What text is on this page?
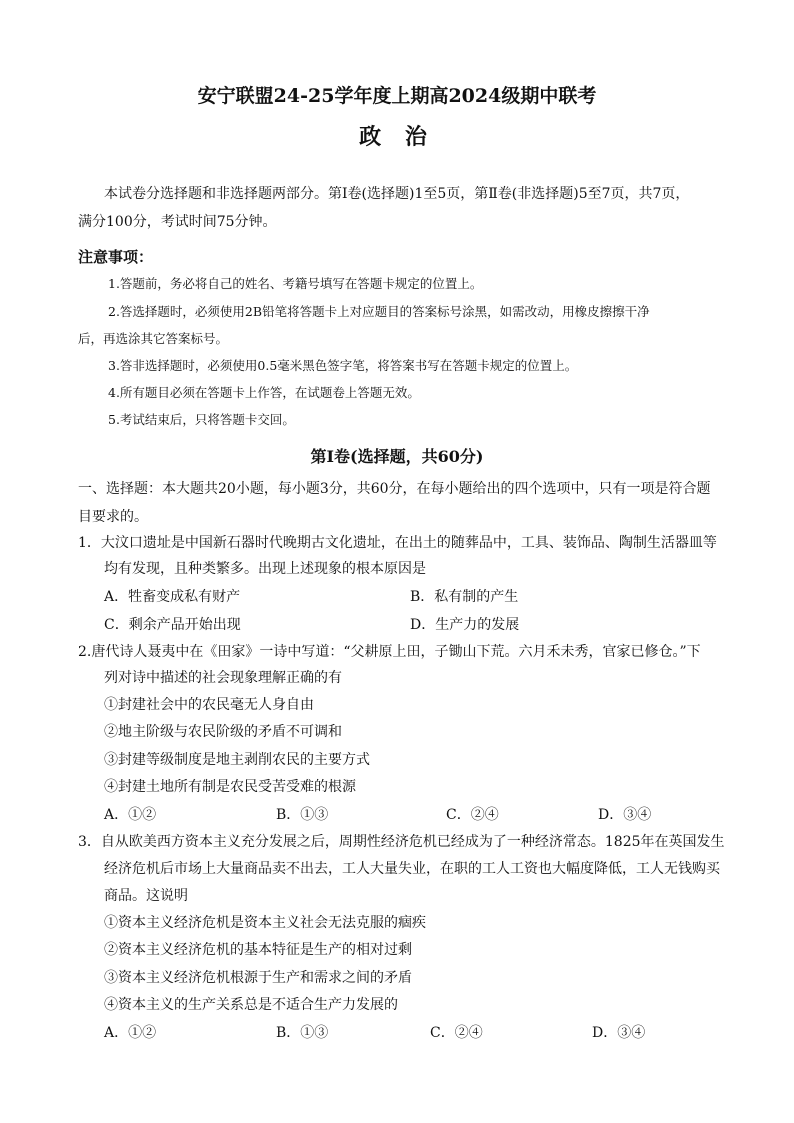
安宁联盟24-25学年度上期高2024级期中联考
政 治
本试卷分选择题和非选择题两部分。第Ⅰ卷(选择题)1至5页，第Ⅱ卷(非选择题)5至7页，共7页，
满分100分，考试时间75分钟。
注意事项：
1.答题前，务必将自己的姓名、考籍号填写在答题卡规定的位置上。
2.答选择题时，必须使用2B铅笔将答题卡上对应题目的答案标号涂黑，如需改动，用橡皮擦擦干净
后，再选涂其它答案标号。
3.答非选择题时，必须使用0.5毫米黑色签字笔，将答案书写在答题卡规定的位置上。
4.所有题目必须在答题卡上作答，在试题卷上答题无效。
5.考试结束后，只将答题卡交回。
第Ⅰ卷(选择题，共60分)
一、选择题：本大题共20小题，每小题3分，共60分，在每小题给出的四个选项中，只有一项是符合题
目要求的。
1．大汶口遗址是中国新石器时代晚期古文化遗址，在出土的随葬品中，工具、装饰品、陶制生活器皿等
均有发现，且种类繁多。出现上述现象的根本原因是
A．牲畜变成私有财产	B．私有制的产生
C．剩余产品开始出现	D．生产力的发展
2.唐代诗人聂夷中在《田家》一诗中写道：“父耕原上田，子锄山下荒。六月禾未秀，官家已修仓。”下
列对诗中描述的社会现象理解正确的有
①封建社会中的农民毫无人身自由
②地主阶级与农民阶级的矛盾不可调和
③封建等级制度是地主剥削农民的主要方式
④封建土地所有制是农民受苦受难的根源
A．①②	B．①③	C．②④	D．③④
3．自从欧美西方资本主义充分发展之后，周期性经济危机已经成为了一种经济常态。1825年在英国发生
经济危机后市场上大量商品卖不出去，工人大量失业，在职的工人工资也大幅度降低，工人无钱购买
商品。这说明
①资本主义经济危机是资本主义社会无法克服的痼疾
②资本主义经济危机的基本特征是生产的相对过剩
③资本主义经济危机根源于生产和需求之间的矛盾
④资本主义的生产关系总是不适合生产力发展的
A．①②	B．①③	C．②④	D．③④
